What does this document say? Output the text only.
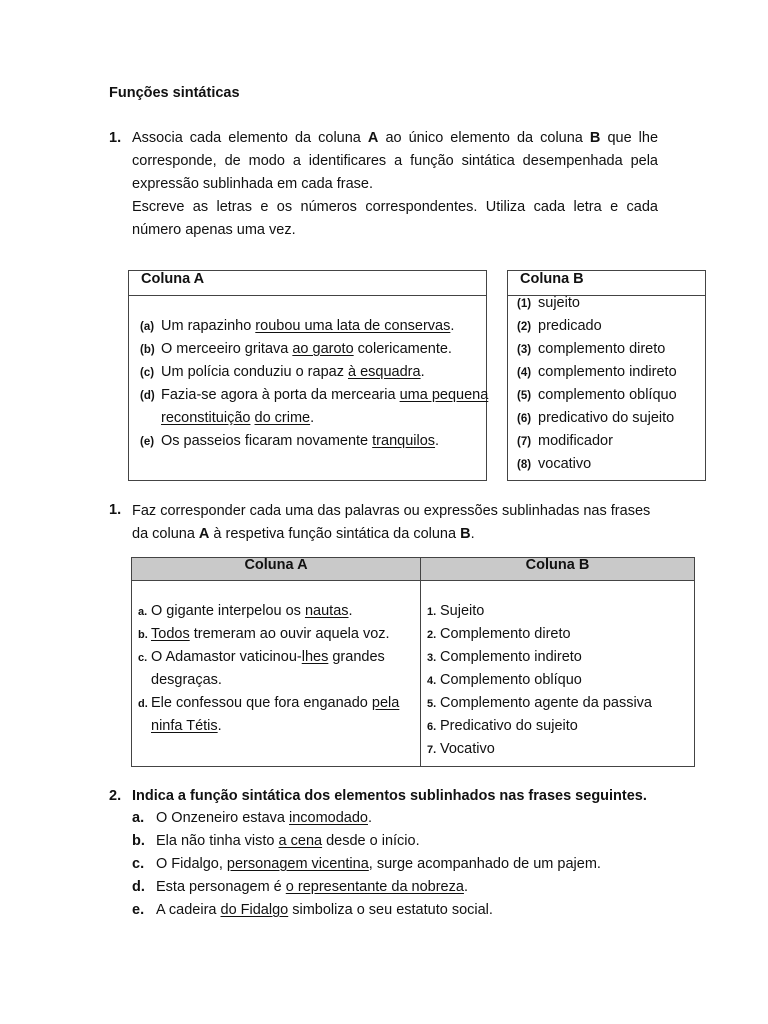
Funções sintáticas
1. Associa cada elemento da coluna A ao único elemento da coluna B que lhe corresponde, de modo a identificares a função sintática desempenhada pela expressão sublinhada em cada frase.
Escreve as letras e os números correspondentes. Utiliza cada letra e cada número apenas uma vez.
Coluna A
(a) Um rapazinho roubou uma lata de conservas.
(b) O merceeiro gritava ao garoto colericamente.
(c) Um polícia conduziu o rapaz à esquadra.
(d) Fazia-se agora à porta da mercearia uma pequena
reconstituição do crime.
(e) Os passeios ficaram novamente tranquilos.
Coluna B
(1) sujeito
(2) predicado
(3) complemento direto
(4) complemento indireto
(5) complemento oblíquo
(6) predicativo do sujeito
(7) modificador
(8) vocativo
1. Faz corresponder cada uma das palavras ou expressões sublinhadas nas frases
da coluna A à respetiva função sintática da coluna B.
Coluna A	Coluna B
a. O gigante interpelou os nautas.
b. Todos tremeram ao ouvir aquela voz.
c. O Adamastor vaticinou-lhes grandes
desgraças.
d. Ele confessou que fora enganado pela
ninfa Tétis.
1. Sujeito
2. Complemento direto
3. Complemento indireto
4. Complemento oblíquo
5. Complemento agente da passiva
6. Predicativo do sujeito
7. Vocativo
2. Indica a função sintática dos elementos sublinhados nas frases seguintes.
a. O Onzeneiro estava incomodado.
b. Ela não tinha visto a cena desde o início.
c. O Fidalgo, personagem vicentina, surge acompanhado de um pajem.
d. Esta personagem é o representante da nobreza.
e. A cadeira do Fidalgo simboliza o seu estatuto social.
